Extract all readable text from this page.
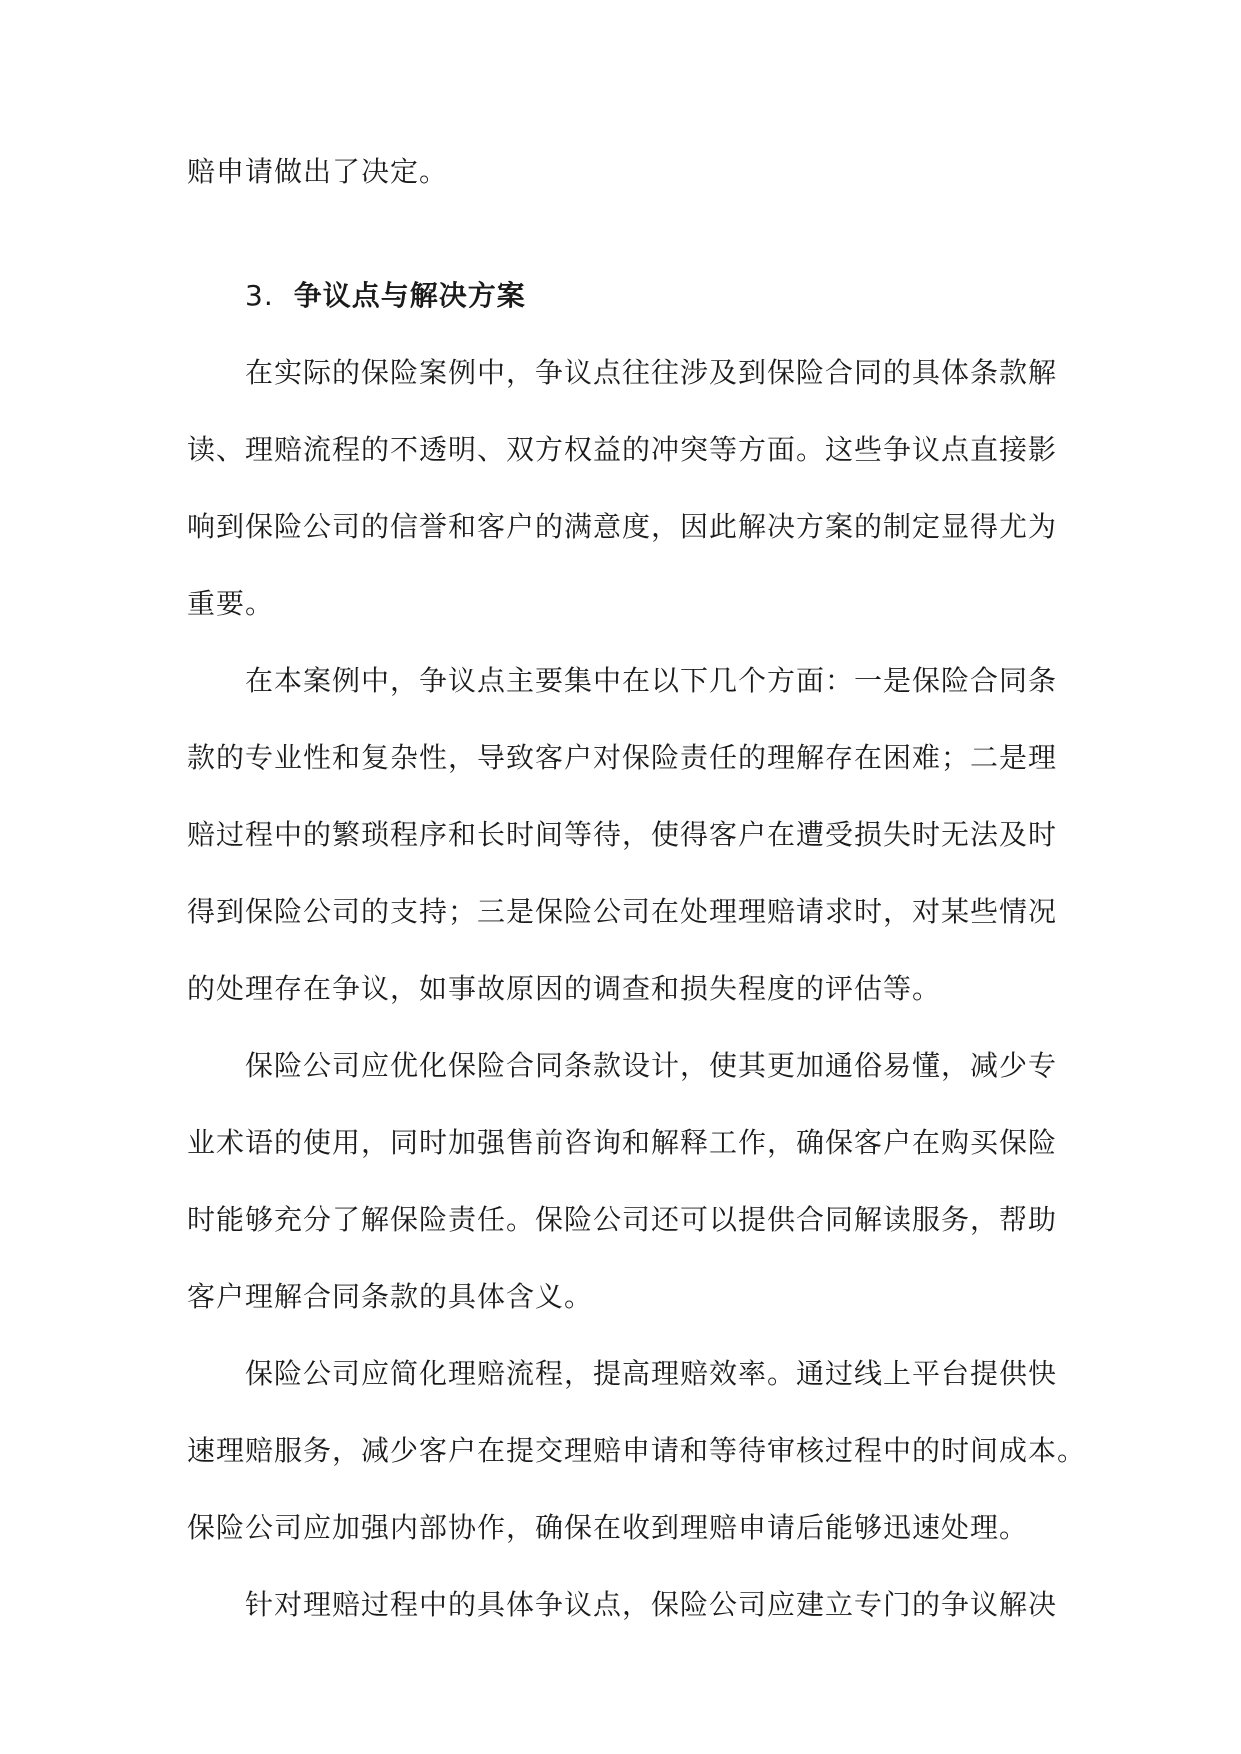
赔申请做出了决定。
3. 争议点与解决方案
在实际的保险案例中，争议点往往涉及到保险合同的具体条款解
读、理赔流程的不透明、双方权益的冲突等方面。这些争议点直接影
响到保险公司的信誉和客户的满意度，因此解决方案的制定显得尤为
重要。
在本案例中，争议点主要集中在以下几个方面：一是保险合同条
款的专业性和复杂性，导致客户对保险责任的理解存在困难；二是理
赔过程中的繁琐程序和长时间等待，使得客户在遭受损失时无法及时
得到保险公司的支持；三是保险公司在处理理赔请求时，对某些情况
的处理存在争议，如事故原因的调查和损失程度的评估等。
保险公司应优化保险合同条款设计，使其更加通俗易懂，减少专
业术语的使用，同时加强售前咨询和解释工作，确保客户在购买保险
时能够充分了解保险责任。保险公司还可以提供合同解读服务，帮助
客户理解合同条款的具体含义。
保险公司应简化理赔流程，提高理赔效率。通过线上平台提供快
速理赔服务，减少客户在提交理赔申请和等待审核过程中的时间成本。
保险公司应加强内部协作，确保在收到理赔申请后能够迅速处理。
针对理赔过程中的具体争议点，保险公司应建立专门的争议解决
